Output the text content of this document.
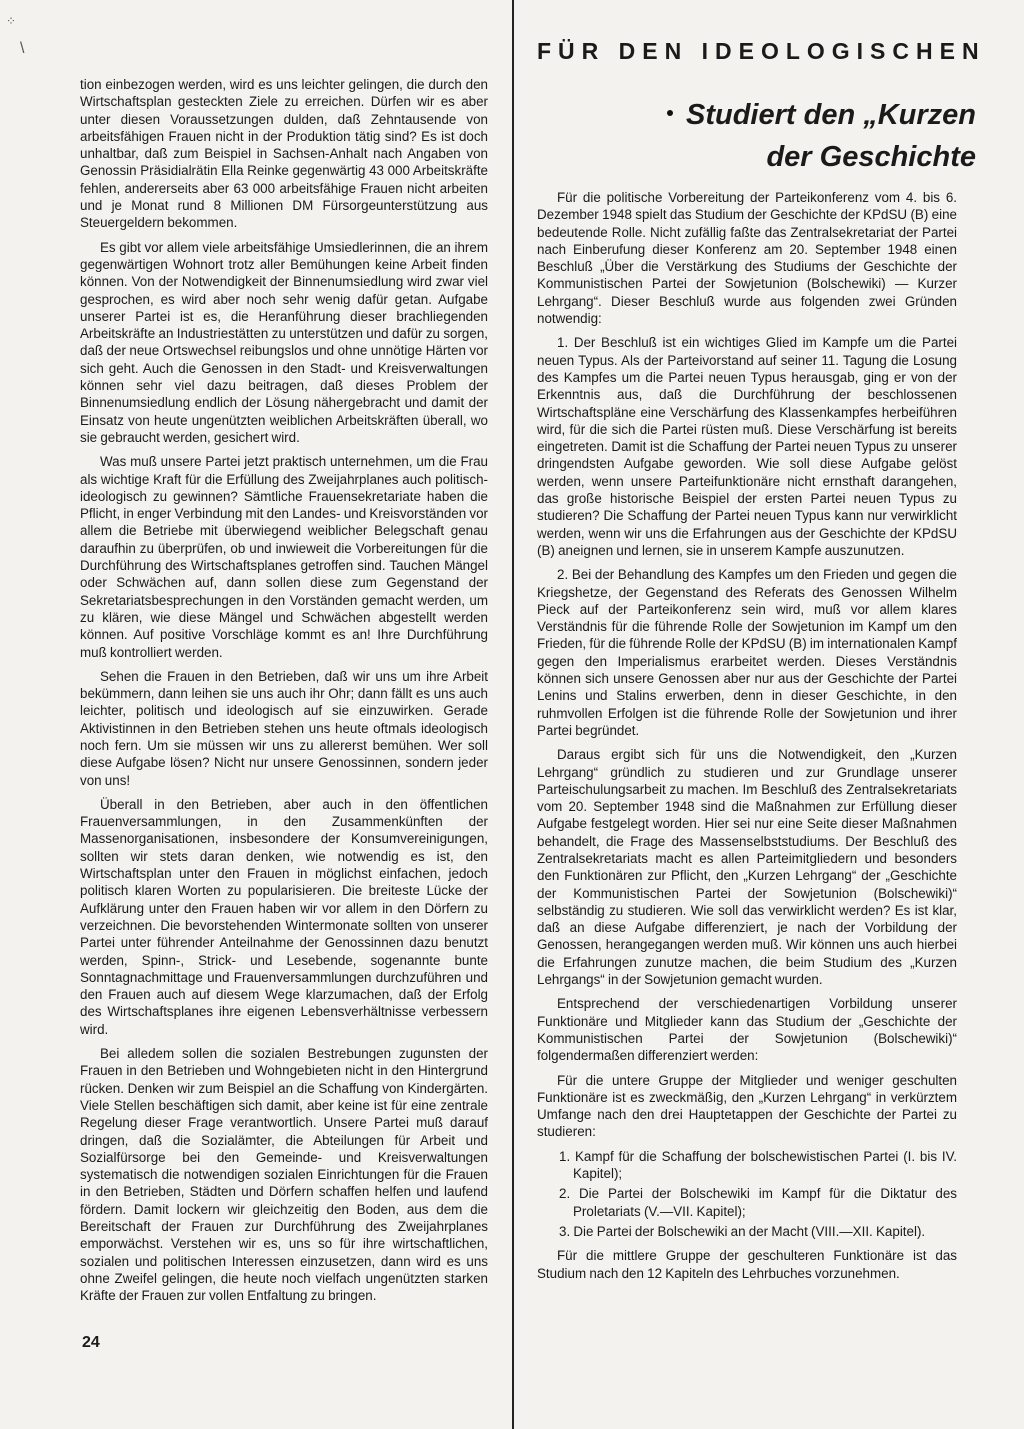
⁘
\

tion einbezogen werden, wird es uns leichter gelingen, die durch den Wirtschaftsplan gesteckten Ziele zu erreichen. Dürfen wir es aber unter diesen Voraussetzungen dulden, daß Zehntausende von arbeitsfähigen Frauen nicht in der Produktion tätig sind? Es ist doch unhaltbar, daß zum Beispiel in Sachsen-Anhalt nach Angaben von Genossin Präsidialrätin Ella Reinke gegenwärtig 43 000 Arbeitskräfte fehlen, andererseits aber 63 000 arbeitsfähige Frauen nicht arbeiten und je Monat rund 8 Millionen DM Fürsorgeunterstützung aus Steuergeldern bekommen.

Es gibt vor allem viele arbeitsfähige Umsiedlerinnen, die an ihrem gegenwärtigen Wohnort trotz aller Bemühungen keine Arbeit finden können. Von der Notwendigkeit der Binnenumsiedlung wird zwar viel gesprochen, es wird aber noch sehr wenig dafür getan. Aufgabe unserer Partei ist es, die Heranführung dieser brachliegenden Arbeitskräfte an Industriestätten zu unterstützen und dafür zu sorgen, daß der neue Ortswechsel reibungslos und ohne unnötige Härten vor sich geht. Auch die Genossen in den Stadt- und Kreisverwaltungen können sehr viel dazu beitragen, daß dieses Problem der Binnenumsiedlung endlich der Lösung nähergebracht und damit der Einsatz von heute ungenützten weiblichen Arbeitskräften überall, wo sie gebraucht werden, gesichert wird.

Was muß unsere Partei jetzt praktisch unternehmen, um die Frau als wichtige Kraft für die Erfüllung des Zweijahrplanes auch politisch-ideologisch zu gewinnen? Sämtliche Frauensekretariate haben die Pflicht, in enger Verbindung mit den Landes- und Kreisvorständen vor allem die Betriebe mit überwiegend weiblicher Belegschaft genau daraufhin zu überprüfen, ob und inwieweit die Vorbereitungen für die Durchführung des Wirtschaftsplanes getroffen sind. Tauchen Mängel oder Schwächen auf, dann sollen diese zum Gegenstand der Sekretariatsbesprechungen in den Vorständen gemacht werden, um zu klären, wie diese Mängel und Schwächen abgestellt werden können. Auf positive Vorschläge kommt es an! Ihre Durchführung muß kontrolliert werden.

Sehen die Frauen in den Betrieben, daß wir uns um ihre Arbeit bekümmern, dann leihen sie uns auch ihr Ohr; dann fällt es uns auch leichter, politisch und ideologisch auf sie einzuwirken. Gerade Aktivistinnen in den Betrieben stehen uns heute oftmals ideologisch noch fern. Um sie müssen wir uns zu allererst bemühen. Wer soll diese Aufgabe lösen? Nicht nur unsere Genossinnen, sondern jeder von uns!

Überall in den Betrieben, aber auch in den öffentlichen Frauenversammlungen, in den Zusammenkünften der Massenorganisationen, insbesondere der Konsumvereinigungen, sollten wir stets daran denken, wie notwendig es ist, den Wirtschaftsplan unter den Frauen in möglichst einfachen, jedoch politisch klaren Worten zu popularisieren. Die breiteste Lücke der Aufklärung unter den Frauen haben wir vor allem in den Dörfern zu verzeichnen. Die bevorstehenden Wintermonate sollten von unserer Partei unter führender Anteilnahme der Genossinnen dazu benutzt werden, Spinn-, Strick- und Lesebende, sogenannte bunte Sonntagnachmittage und Frauenversammlungen durchzuführen und den Frauen auch auf diesem Wege klarzumachen, daß der Erfolg des Wirtschaftsplanes ihre eigenen Lebensverhältnisse verbessern wird.

Bei alledem sollen die sozialen Bestrebungen zugunsten der Frauen in den Betrieben und Wohngebieten nicht in den Hintergrund rücken. Denken wir zum Beispiel an die Schaffung von Kindergärten. Viele Stellen beschäftigen sich damit, aber keine ist für eine zentrale Regelung dieser Frage verantwortlich. Unsere Partei muß darauf dringen, daß die Sozialämter, die Abteilungen für Arbeit und Sozialfürsorge bei den Gemeinde- und Kreisverwaltungen systematisch die notwendigen sozialen Einrichtungen für die Frauen in den Betrieben, Städten und Dörfern schaffen helfen und laufend fördern. Damit lockern wir gleichzeitig den Boden, aus dem die Bereitschaft der Frauen zur Durchführung des Zweijahrplanes emporwächst. Verstehen wir es, uns so für ihre wirtschaftlichen, sozialen und politischen Interessen einzusetzen, dann wird es uns ohne Zweifel gelingen, die heute noch vielfach ungenützten starken Kräfte der Frauen zur vollen Entfaltung zu bringen.

24
FÜR DEN IDEOLOGISCHEN
Studiert den „Kurzen
der Geschichte

Für die politische Vorbereitung der Parteikonferenz vom 4. bis 6. Dezember 1948 spielt das Studium der Geschichte der KPdSU (B) eine bedeutende Rolle. Nicht zufällig faßte das Zentralsekretariat der Partei nach Einberufung dieser Konferenz am 20. September 1948 einen Beschluß „Über die Verstärkung des Studiums der Geschichte der Kommunistischen Partei der Sowjetunion (Bolschewiki) — Kurzer Lehrgang“. Dieser Beschluß wurde aus folgenden zwei Gründen notwendig:

1. Der Beschluß ist ein wichtiges Glied im Kampfe um die Partei neuen Typus. Als der Parteivorstand auf seiner 11. Tagung die Losung des Kampfes um die Partei neuen Typus herausgab, ging er von der Erkenntnis aus, daß die Durchführung der beschlossenen Wirtschaftspläne eine Verschärfung des Klassenkampfes herbeiführen wird, für die sich die Partei rüsten muß. Diese Verschärfung ist bereits eingetreten. Damit ist die Schaffung der Partei neuen Typus zu unserer dringendsten Aufgabe geworden. Wie soll diese Aufgabe gelöst werden, wenn unsere Parteifunktionäre nicht ernsthaft darangehen, das große historische Beispiel der ersten Partei neuen Typus zu studieren? Die Schaffung der Partei neuen Typus kann nur verwirklicht werden, wenn wir uns die Erfahrungen aus der Geschichte der KPdSU (B) aneignen und lernen, sie in unserem Kampfe auszunutzen.

2. Bei der Behandlung des Kampfes um den Frieden und gegen die Kriegshetze, der Gegenstand des Referats des Genossen Wilhelm Pieck auf der Parteikonferenz sein wird, muß vor allem klares Verständnis für die führende Rolle der Sowjetunion im Kampf um den Frieden, für die führende Rolle der KPdSU (B) im internationalen Kampf gegen den Imperialismus erarbeitet werden. Dieses Verständnis können sich unsere Genossen aber nur aus der Geschichte der Partei Lenins und Stalins erwerben, denn in dieser Geschichte, in den ruhmvollen Erfolgen ist die führende Rolle der Sowjetunion und ihrer Partei begründet.

Daraus ergibt sich für uns die Notwendigkeit, den „Kurzen Lehrgang“ gründlich zu studieren und zur Grundlage unserer Parteischulungsarbeit zu machen. Im Beschluß des Zentralsekretariats vom 20. September 1948 sind die Maßnahmen zur Erfüllung dieser Aufgabe festgelegt worden. Hier sei nur eine Seite dieser Maßnahmen behandelt, die Frage des Massenselbststudiums. Der Beschluß des Zentralsekretariats macht es allen Parteimitgliedern und besonders den Funktionären zur Pflicht, den „Kurzen Lehrgang“ der „Geschichte der Kommunistischen Partei der Sowjetunion (Bolschewiki)“ selbständig zu studieren. Wie soll das verwirklicht werden? Es ist klar, daß an diese Aufgabe differenziert, je nach der Vorbildung der Genossen, herangegangen werden muß. Wir können uns auch hierbei die Erfahrungen zunutze machen, die beim Studium des „Kurzen Lehrgangs“ in der Sowjetunion gemacht wurden.

Entsprechend der verschiedenartigen Vorbildung unserer Funktionäre und Mitglieder kann das Studium der „Geschichte der Kommunistischen Partei der Sowjetunion (Bolschewiki)“ folgendermaßen differenziert werden:

Für die untere Gruppe der Mitglieder und weniger geschulten Funktionäre ist es zweckmäßig, den „Kurzen Lehrgang“ in verkürztem Umfange nach den drei Hauptetappen der Geschichte der Partei zu studieren:

1. Kampf für die Schaffung der bolschewistischen Partei (I. bis IV. Kapitel);
2. Die Partei der Bolschewiki im Kampf für die Diktatur des Proletariats (V.—VII. Kapitel);
3. Die Partei der Bolschewiki an der Macht (VIII.—XII. Kapitel).

Für die mittlere Gruppe der geschulteren Funktionäre ist das Studium nach den 12 Kapiteln des Lehrbuches vorzunehmen.
